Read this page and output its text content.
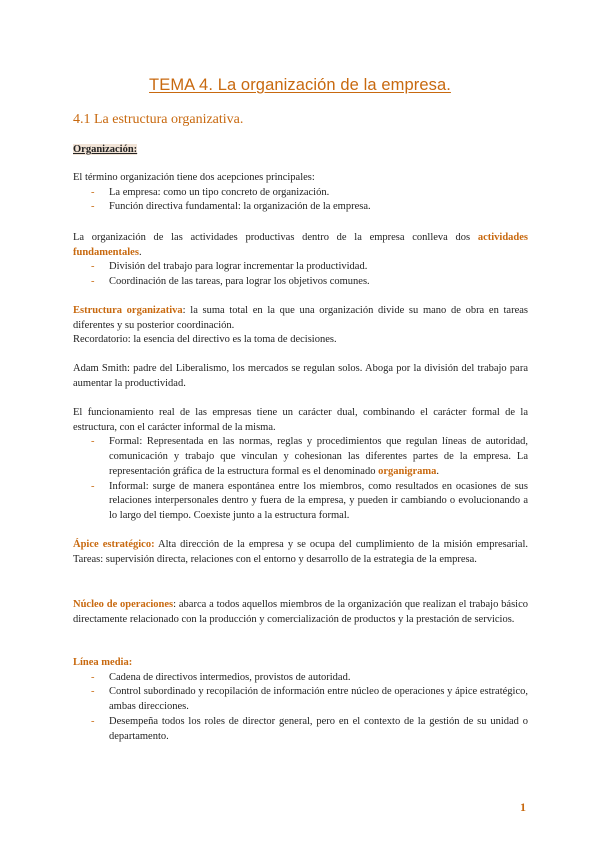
TEMA 4. La organización de la empresa.
4.1 La estructura organizativa.
Organización:
El término organización tiene dos acepciones principales:
- La empresa: como un tipo concreto de organización.
- Función directiva fundamental: la organización de la empresa.
La organización de las actividades productivas dentro de la empresa conlleva dos actividades fundamentales.
- División del trabajo para lograr incrementar la productividad.
- Coordinación de las tareas, para lograr los objetivos comunes.
Estructura organizativa: la suma total en la que una organización divide su mano de obra en tareas diferentes y su posterior coordinación.
Recordatorio: la esencia del directivo es la toma de decisiones.
Adam Smith: padre del Liberalismo, los mercados se regulan solos. Aboga por la división del trabajo para aumentar la productividad.
El funcionamiento real de las empresas tiene un carácter dual, combinando el carácter formal de la estructura, con el carácter informal de la misma.
- Formal: Representada en las normas, reglas y procedimientos que regulan líneas de autoridad, comunicación y trabajo que vinculan y cohesionan las diferentes partes de la empresa. La representación gráfica de la estructura formal es el denominado organigrama.
- Informal: surge de manera espontánea entre los miembros, como resultados en ocasiones de sus relaciones interpersonales dentro y fuera de la empresa, y pueden ir cambiando o evolucionando a lo largo del tiempo. Coexiste junto a la estructura formal.
Ápice estratégico: Alta dirección de la empresa y se ocupa del cumplimiento de la misión empresarial. Tareas: supervisión directa, relaciones con el entorno y desarrollo de la estrategia de la empresa.
Núcleo de operaciones: abarca a todos aquellos miembros de la organización que realizan el trabajo básico directamente relacionado con la producción y comercialización de productos y la prestación de servicios.
Línea media:
- Cadena de directivos intermedios, provistos de autoridad.
- Control subordinado y recopilación de información entre núcleo de operaciones y ápice estratégico, ambas direcciones.
- Desempeña todos los roles de director general, pero en el contexto de la gestión de su unidad o departamento.
1
